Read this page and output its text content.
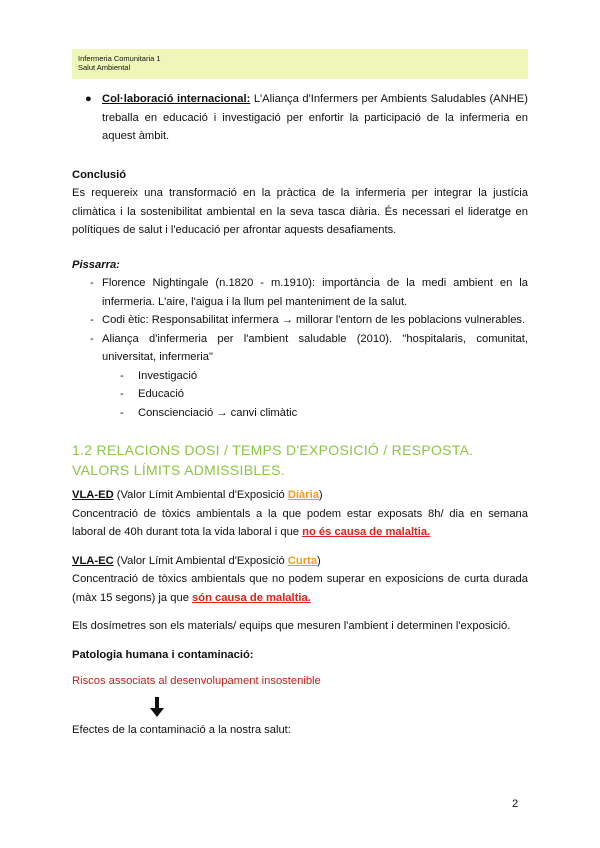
Infermeria Comunitaria 1
Salut Ambiental
● Col·laboració internacional: L'Aliança d'Infermers per Ambients Saludables (ANHE) treballa en educació i investigació per enfortir la participació de la infermeria en aquest àmbit.
Conclusió
Es requereix una transformació en la pràctica de la infermeria per integrar la justícia climàtica i la sostenibilitat ambiental en la seva tasca diària. És necessari el lideratge en polítiques de salut i l'educació per afrontar aquests desafiaments.
Pissarra:
- Florence Nightingale (n.1820 - m.1910): importància de la medi ambient en la infermeria. L'aire, l'aigua i la llum pel manteniment de la salut.
- Codi ètic: Responsabilitat infermera → millorar l'entorn de les poblacions vulnerables.
- Aliança d'infermeria per l'ambient saludable (2010). "hospitalaris, comunitat, universitat, infermeria"
- Investigació
- Educació
- Conscienciació → canvi climàtic
1.2 RELACIONS DOSI / TEMPS D'EXPOSICIÓ / RESPOSTA. VALORS LÍMITS ADMISSIBLES.
VLA-ED (Valor Límit Ambiental d'Exposició Diària)
Concentració de tòxics ambientals a la que podem estar exposats 8h/ dia en semana laboral de 40h durant tota la vida laboral i que no és causa de malaltia.
VLA-EC (Valor Límit Ambiental d'Exposició Curta)
Concentració de tòxics ambientals que no podem superar en exposicions de curta durada (màx 15 segons) ja que són causa de malaltia.
Els dosímetres son els materials/ equips que mesuren l'ambient i determinen l'exposició.
Patologia humana i contaminació:
Riscos associats al desenvolupament insostenible
Efectes de la contaminació a la nostra salut:
2
